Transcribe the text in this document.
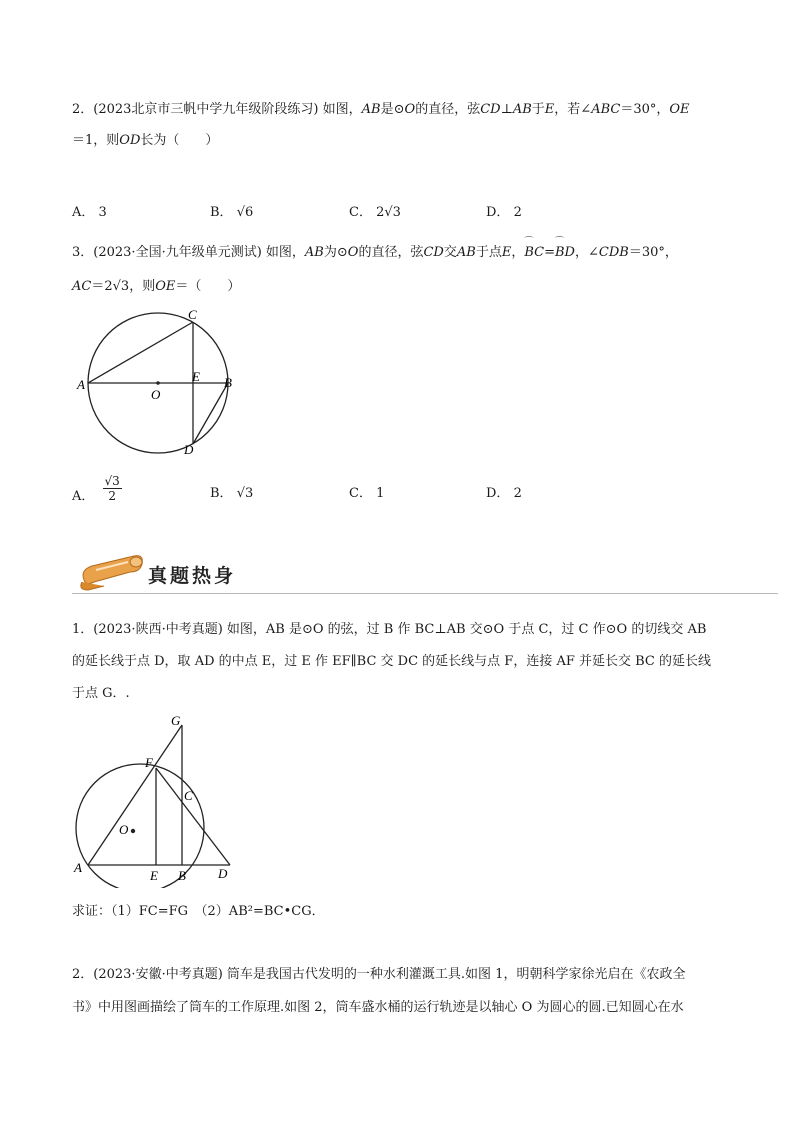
2．(2023北京市三帆中学九年级阶段练习) 如图，AB是⊙O的直径，弦CD⊥AB于E，若∠ABC＝30°，OE
＝1，则OD长为（　　）
A． 3	B． √6	C． 2√3	D． 2
3．(2023·全国·九年级单元测试) 如图，AB为⊙O的直径，弦CD交AB于点E，⌒ BC=⌒ BD，∠CDB＝30°，
AC＝2√3，则OE＝（　　）
C
A
O
E B
D
A． $\frac{√3}{2}$	B． √3	C． 1	D． 2
真题热身
1．(2023·陕西·中考真题) 如图，AB 是⊙O 的弦，过 B 作 BC⊥AB 交⊙O 于点 C，过 C 作⊙O 的切线交 AB
的延长线于点 D，取 AD 的中点 E，过 E 作 EF∥BC 交 DC 的延长线与点 F，连接 AF 并延长交 BC 的延长线
于点 G．.
G
F
C
O
A
E B D
求证：（1）FC=FG　（2）AB²=BC•CG．
2．(2023·安徽·中考真题) 筒车是我国古代发明的一种水利灌溉工具.如图 1，明朝科学家徐光启在《农政全
书》中用图画描绘了筒车的工作原理.如图 2，筒车盛水桶的运行轨迹是以轴心 O 为圆心的圆.已知圆心在水
